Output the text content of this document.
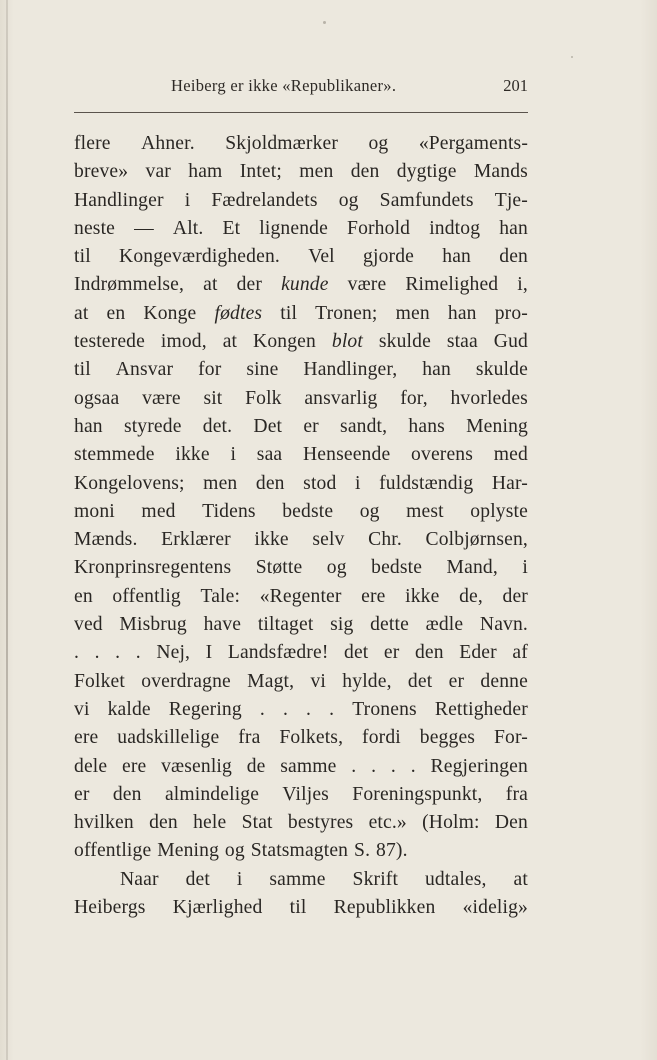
Heiberg er ikke «Republikaner».	201
flere Ahner. Skjoldmærker og «Pergaments-
breve» var ham Intet; men den dygtige Mands
Handlinger i Fædrelandets og Samfundets Tje-
neste — Alt. Et lignende Forhold indtog han
til Kongeværdigheden. Vel gjorde han den
Indrømmelse, at der kunde være Rimelighed i,
at en Konge fødtes til Tronen; men han pro-
testerede imod, at Kongen blot skulde staa Gud
til Ansvar for sine Handlinger, han skulde
ogsaa være sit Folk ansvarlig for, hvorledes
han styrede det. Det er sandt, hans Mening
stemmede ikke i saa Henseende overens med
Kongelovens; men den stod i fuldstændig Har-
moni med Tidens bedste og mest oplyste
Mænds. Erklærer ikke selv Chr. Colbjørnsen,
Kronprinsregentens Støtte og bedste Mand, i
en offentlig Tale: «Regenter ere ikke de, der
ved Misbrug have tiltaget sig dette ædle Navn.
. . . . Nej, I Landsfædre! det er den Eder af
Folket overdragne Magt, vi hylde, det er denne
vi kalde Regering . . . . Tronens Rettigheder
ere uadskillelige fra Folkets, fordi begges For-
dele ere væsenlig de samme . . . . Regjeringen
er den almindelige Viljes Foreningspunkt, fra
hvilken den hele Stat bestyres etc.» (Holm: Den
offentlige Mening og Statsmagten S. 87).
Naar det i samme Skrift udtales, at
Heibergs Kjærlighed til Republikken «idelig»
